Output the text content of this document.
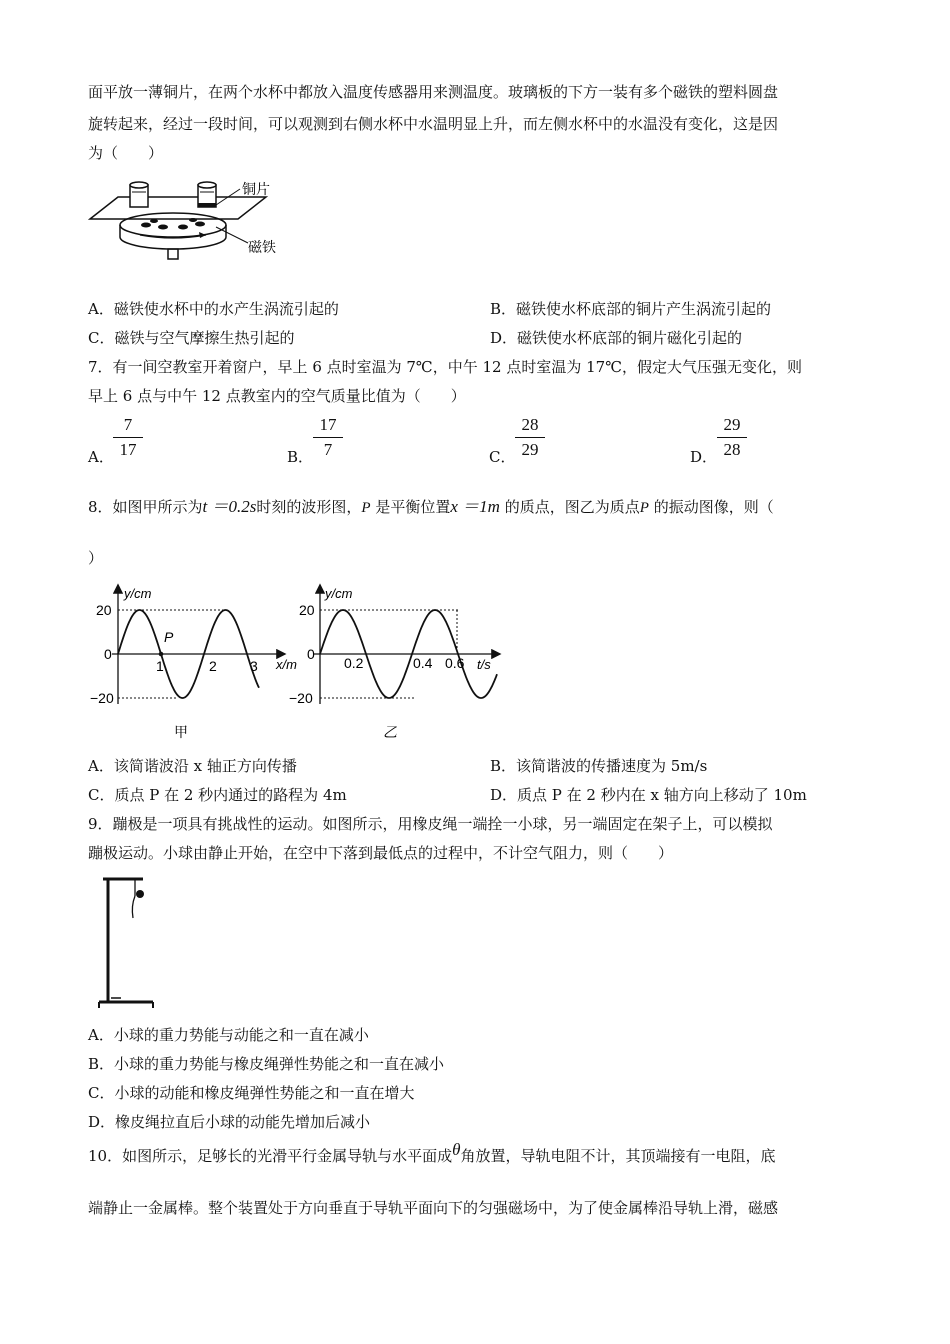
面平放一薄铜片，在两个水杯中都放入温度传感器用来测温度。玻璃板的下方一装有多个磁铁的塑料圆盘
旋转起来，经过一段时间，可以观测到右侧水杯中水温明显上升，而左侧水杯中的水温没有变化，这是因
为（　　）
铜片
磁铁
A．磁铁使水杯中的水产生涡流引起的	B．磁铁使水杯底部的铜片产生涡流引起的
C．磁铁与空气摩擦生热引起的	D．磁铁使水杯底部的铜片磁化引起的
7．有一间空教室开着窗户，早上 6 点时室温为 7℃，中午 12 点时室温为 17℃，假定大气压强无变化，则
早上 6 点与中午 12 点教室内的空气质量比值为（　　）
A．
7
17	B．
17
7	C．
28
29	D．
29
28
8．如图甲所示为t ＝0.2s时刻的波形图，P 是平衡位置x ＝1m 的质点，图乙为质点P 的振动图像，则（
）
y/cm
x/m
20
0
−20
1	2 3
P
甲
y/cm
t/s
20
0
−20
0.2	0.4 0.6
乙
A．该简谐波沿 x 轴正方向传播	B．该简谐波的传播速度为 5m/s
C．质点 P 在 2 秒内通过的路程为 4m	D．质点 P 在 2 秒内在 x 轴方向上移动了 10m
9．蹦极是一项具有挑战性的运动。如图所示，用橡皮绳一端拴一小球，另一端固定在架子上，可以模拟
蹦极运动。小球由静止开始，在空中下落到最低点的过程中，不计空气阻力，则（　　）
A．小球的重力势能与动能之和一直在减小
B．小球的重力势能与橡皮绳弹性势能之和一直在减小
C．小球的动能和橡皮绳弹性势能之和一直在增大
D．橡皮绳拉直后小球的动能先增加后减小
10．如图所示，足够长的光滑平行金属导轨与水平面成θ角放置，导轨电阻不计，其顶端接有一电阻，底
端静止一金属棒。整个装置处于方向垂直于导轨平面向下的匀强磁场中，为了使金属棒沿导轨上滑，磁感
